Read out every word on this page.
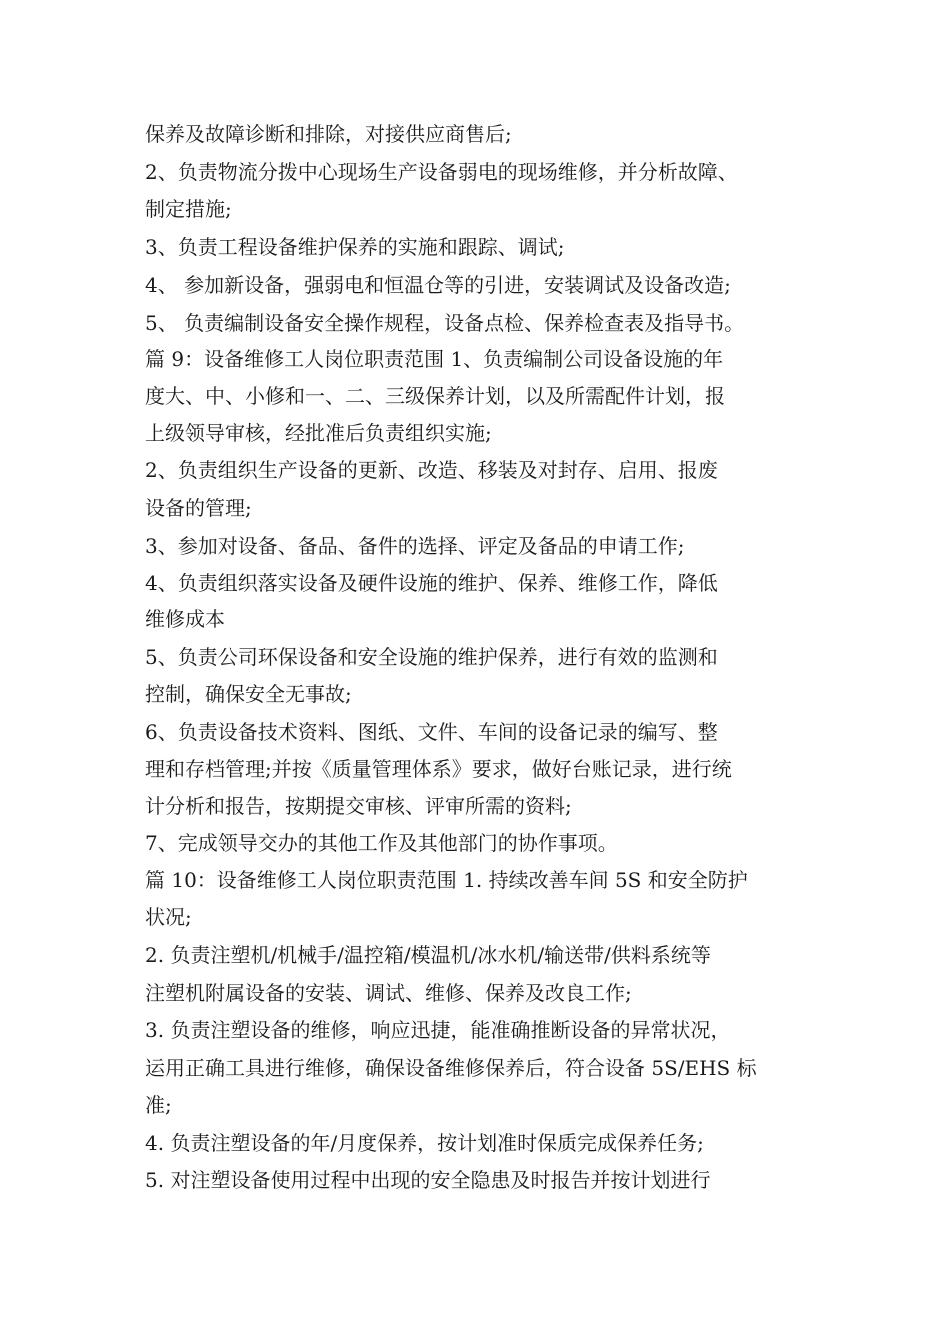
保养及故障诊断和排除，对接供应商售后;
2、负责物流分拨中心现场生产设备弱电的现场维修，并分析故障、
制定措施;
3、负责工程设备维护保养的实施和跟踪、调试;
4、 参加新设备，强弱电和恒温仓等的引进，安装调试及设备改造;
5、 负责编制设备安全操作规程，设备点检、保养检查表及指导书。
篇 9：设备维修工人岗位职责范围 1、负责编制公司设备设施的年
度大、中、小修和一、二、三级保养计划，以及所需配件计划，报
上级领导审核，经批准后负责组织实施;
2、负责组织生产设备的更新、改造、移装及对封存、启用、报废
设备的管理;
3、参加对设备、备品、备件的选择、评定及备品的申请工作;
4、负责组织落实设备及硬件设施的维护、保养、维修工作，降低
维修成本
5、负责公司环保设备和安全设施的维护保养，进行有效的监测和
控制，确保安全无事故;
6、负责设备技术资料、图纸、文件、车间的设备记录的编写、整
理和存档管理;并按《质量管理体系》要求，做好台账记录，进行统
计分析和报告，按期提交审核、评审所需的资料;
7、完成领导交办的其他工作及其他部门的协作事项。
篇 10：设备维修工人岗位职责范围 1. 持续改善车间 5S 和安全防护
状况;
2. 负责注塑机/机械手/温控箱/模温机/冰水机/输送带/供料系统等
注塑机附属设备的安装、调试、维修、保养及改良工作;
3. 负责注塑设备的维修，响应迅捷，能准确推断设备的异常状况，
运用正确工具进行维修，确保设备维修保养后，符合设备 5S/EHS 标
准;
4. 负责注塑设备的年/月度保养，按计划准时保质完成保养任务;
5. 对注塑设备使用过程中出现的安全隐患及时报告并按计划进行
